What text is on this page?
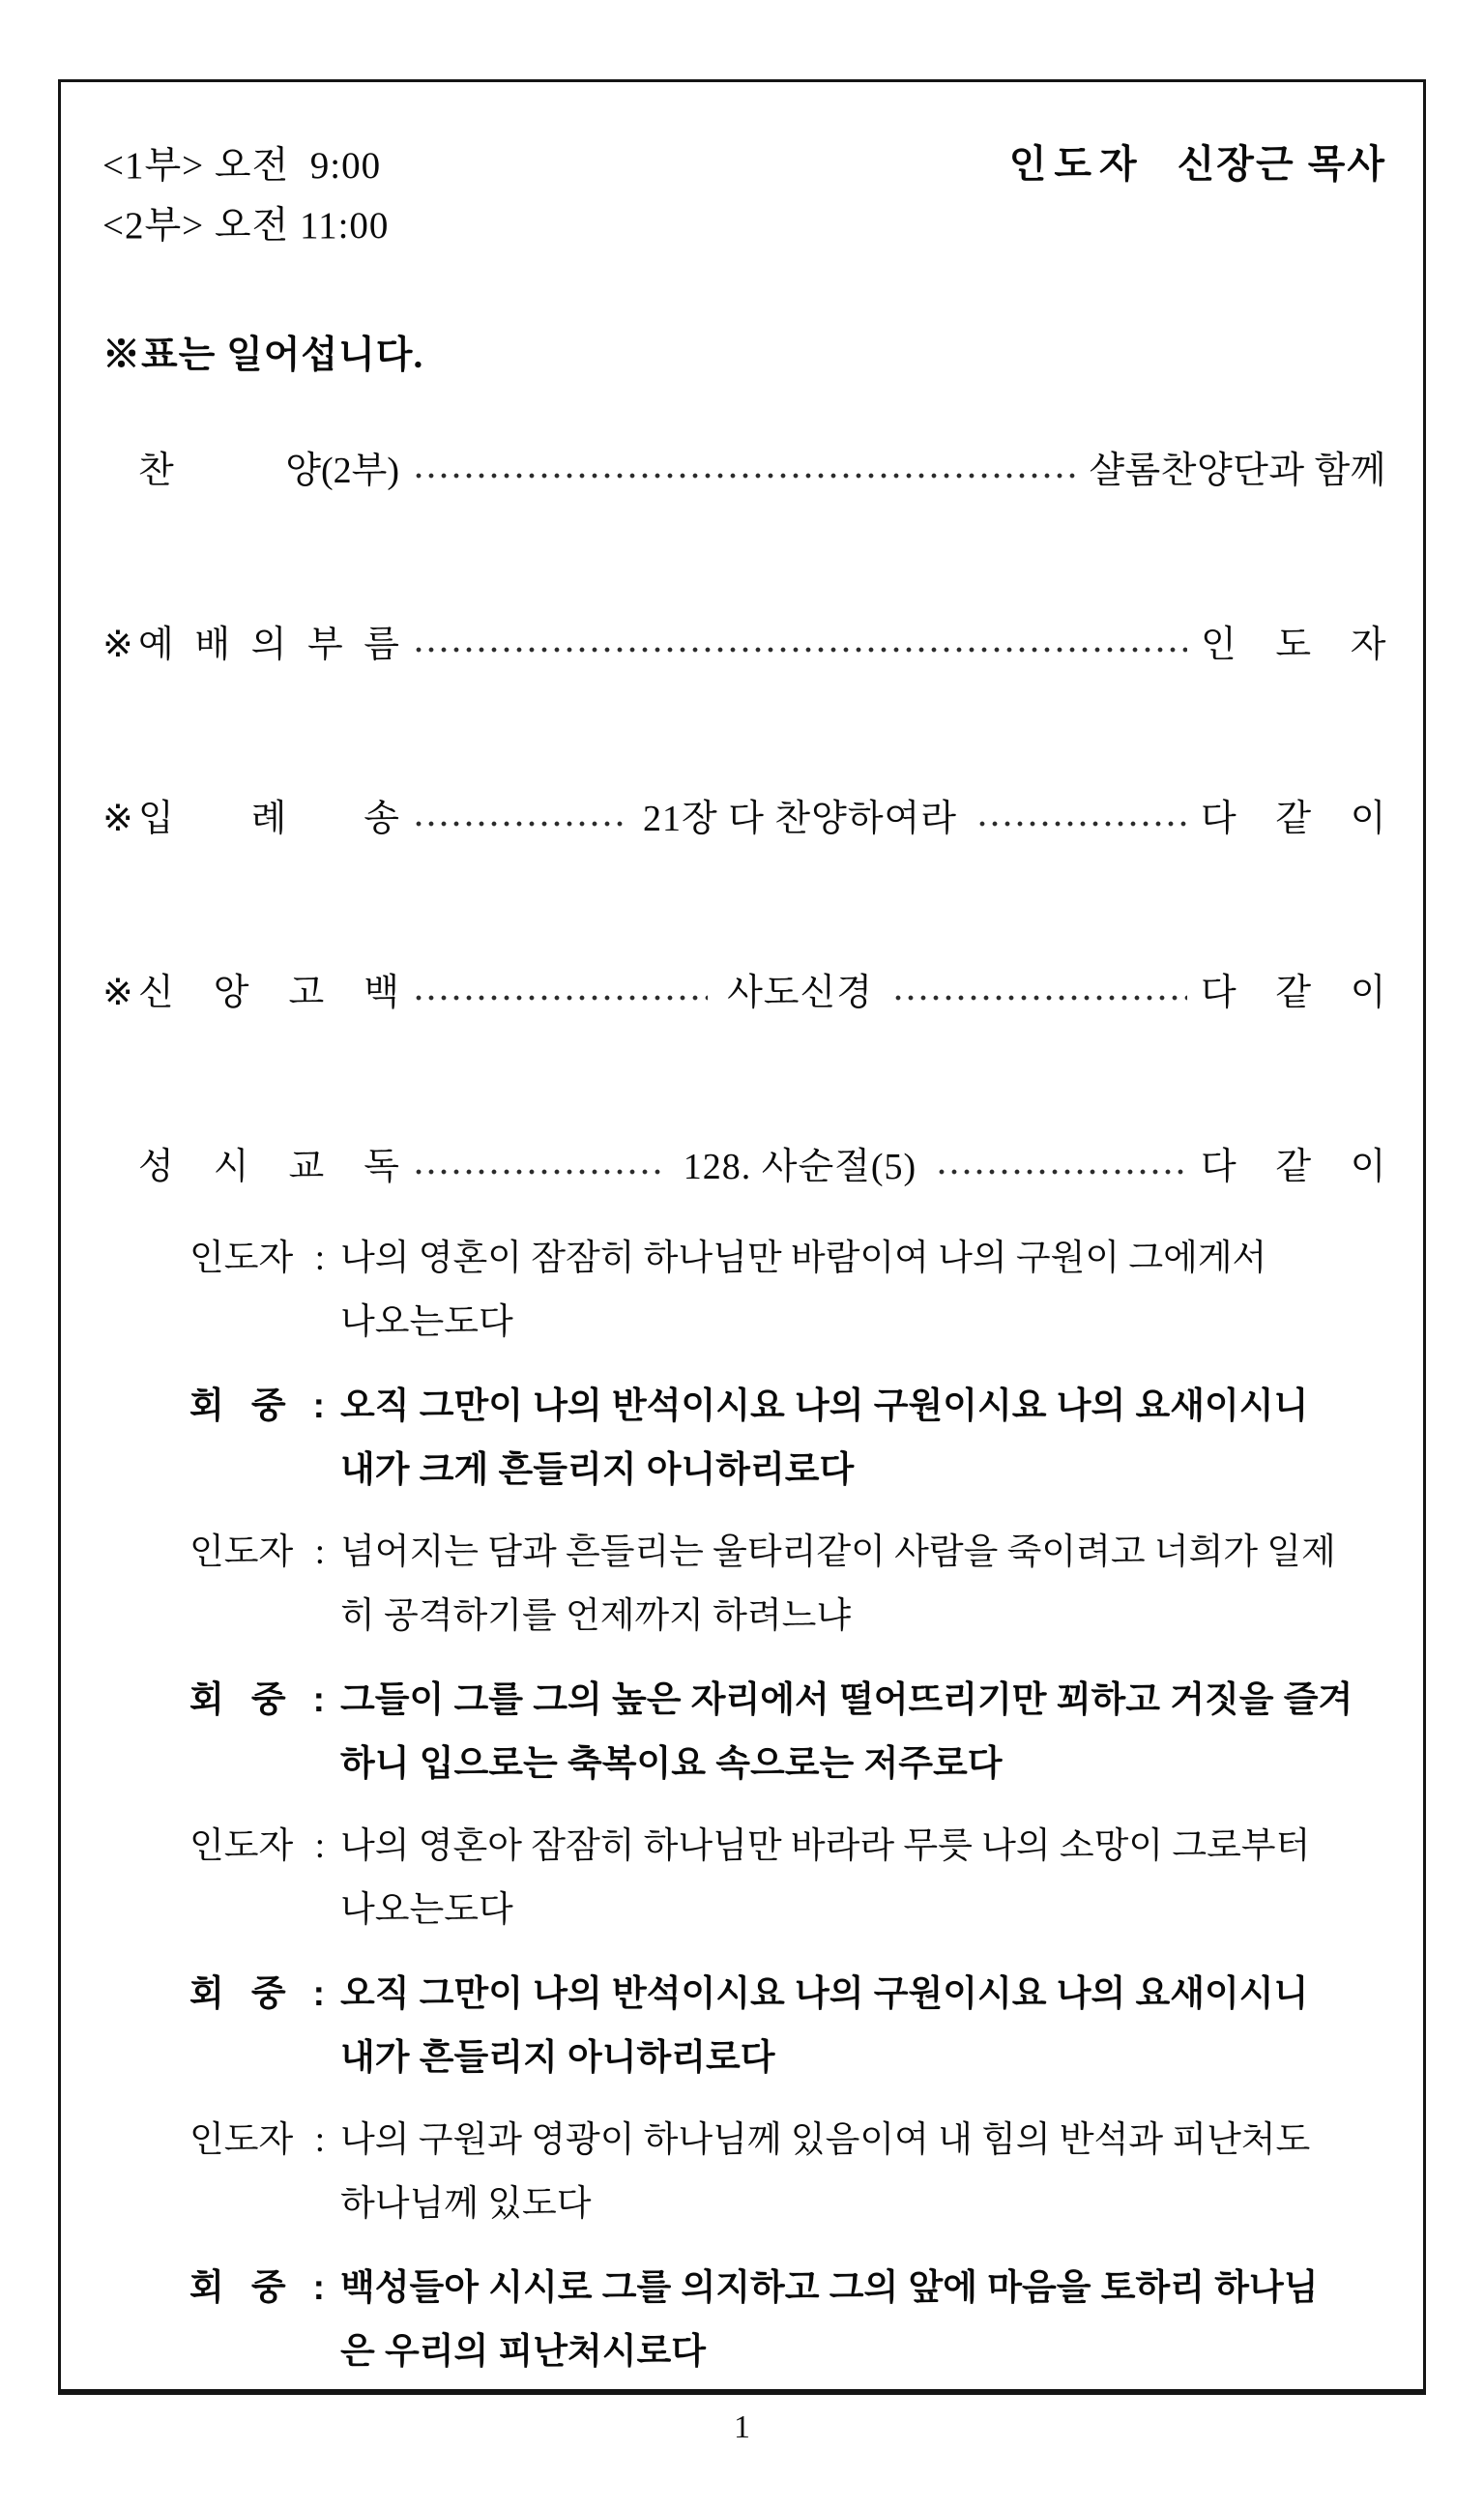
<1부> 오전  9:00
<2부> 오전 11:00
인도자 신장근 목사
※표는 일어섭니다.
찬 양(2부)	샬롬찬양단과 함께
※ 예 배 의 부 름	인 도 자
※ 입 례 송	21장 다 찬양하여라	다 같 이
※ 신 앙 고 백	사도신경	다 같 이
성 시 교 독	128. 사순절(5)	다 같 이
인도자 : 나의 영혼이 잠잠히 하나님만 바람이여 나의 구원이 그에게서
나오는도다
회 중 : 오직 그만이 나의 반석이시요 나의 구원이시요 나의 요새이시니
내가 크게 흔들리지 아니하리로다
인도자 : 넘어지는 담과 흔들리는 울타리같이 사람을 죽이려고 너희가 일제
히 공격하기를 언제까지 하려느냐
회 중 : 그들이 그를 그의 높은 자리에서 떨어뜨리기만 꾀하고 거짓을 즐겨
하니 입으로는 축복이요 속으로는 저주로다
인도자 : 나의 영혼아 잠잠히 하나님만 바라라 무릇 나의 소망이 그로부터
나오는도다
회 중 : 오직 그만이 나의 반석이시요 나의 구원이시요 나의 요새이시니
내가 흔들리지 아니하리로다
인도자 : 나의 구원과 영광이 하나님께 있음이여 내 힘의 반석과 피난처도
하나님께 있도다
회 중 : 백성들아 시시로 그를 의지하고 그의 앞에 마음을 토하리 하나님
은 우리의 피난처시로다
1
